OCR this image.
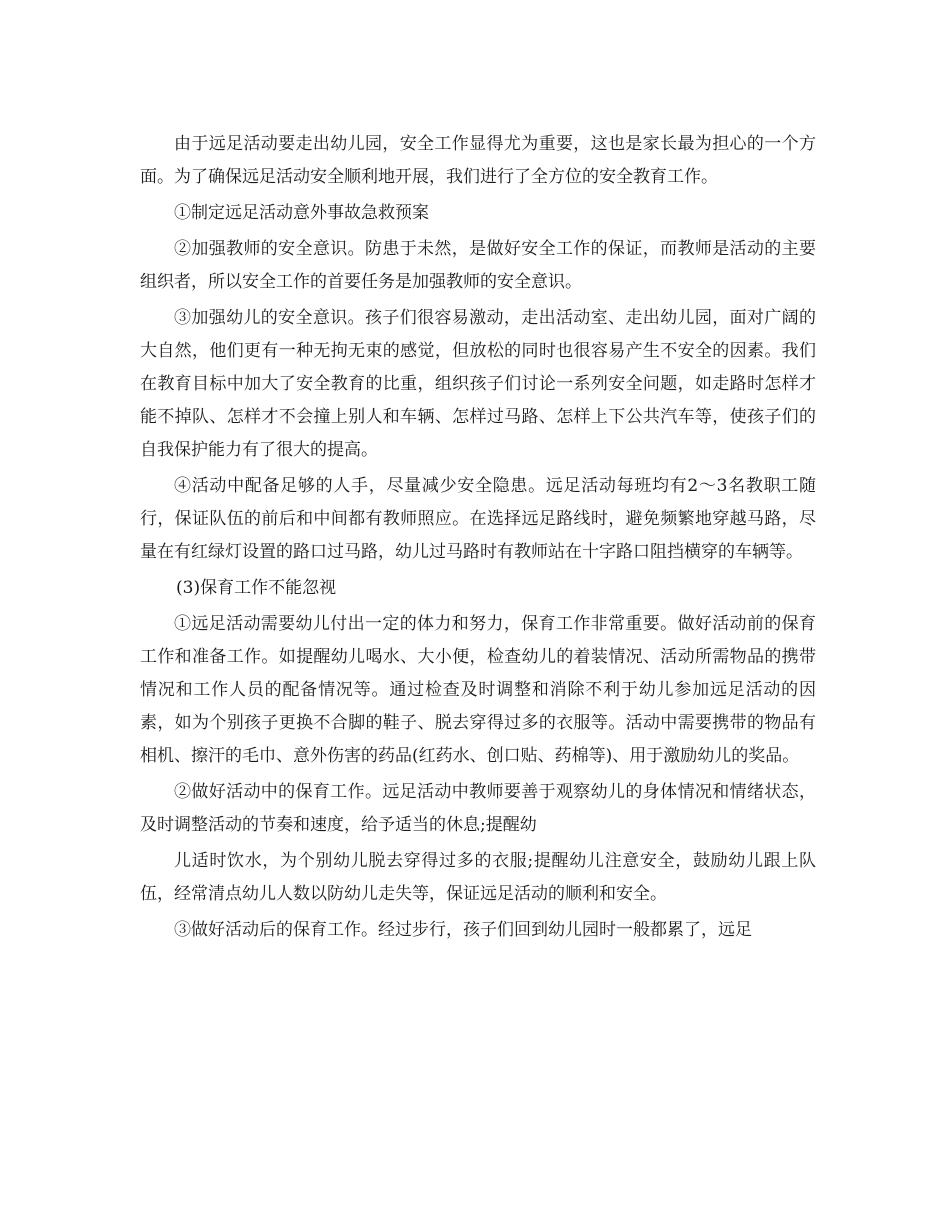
由于远足活动要走出幼儿园，安全工作显得尤为重要，这也是家长最为担心的一个方面。为了确保远足活动安全顺利地开展，我们进行了全方位的安全教育工作。

①制定远足活动意外事故急救预案

②加强教师的安全意识。防患于未然，是做好安全工作的保证，而教师是活动的主要组织者，所以安全工作的首要任务是加强教师的安全意识。

③加强幼儿的安全意识。孩子们很容易激动，走出活动室、走出幼儿园，面对广阔的大自然，他们更有一种无拘无束的感觉，但放松的同时也很容易产生不安全的因素。我们在教育目标中加大了安全教育的比重，组织孩子们讨论一系列安全问题，如走路时怎样才能不掉队、怎样才不会撞上别人和车辆、怎样过马路、怎样上下公共汽车等，使孩子们的自我保护能力有了很大的提高。

④活动中配备足够的人手，尽量减少安全隐患。远足活动每班均有2～3名教职工随行，保证队伍的前后和中间都有教师照应。在选择远足路线时，避免频繁地穿越马路，尽量在有红绿灯设置的路口过马路，幼儿过马路时有教师站在十字路口阻挡横穿的车辆等。

(3)保育工作不能忽视

①远足活动需要幼儿付出一定的体力和努力，保育工作非常重要。做好活动前的保育工作和准备工作。如提醒幼儿喝水、大小便，检查幼儿的着装情况、活动所需物品的携带情况和工作人员的配备情况等。通过检查及时调整和消除不利于幼儿参加远足活动的因素，如为个别孩子更换不合脚的鞋子、脱去穿得过多的衣服等。活动中需要携带的物品有相机、擦汗的毛巾、意外伤害的药品(红药水、创口贴、药棉等)、用于激励幼儿的奖品。

②做好活动中的保育工作。远足活动中教师要善于观察幼儿的身体情况和情绪状态，及时调整活动的节奏和速度，给予适当的休息;提醒幼

儿适时饮水，为个别幼儿脱去穿得过多的衣服;提醒幼儿注意安全，鼓励幼儿跟上队伍，经常清点幼儿人数以防幼儿走失等，保证远足活动的顺利和安全。

③做好活动后的保育工作。经过步行，孩子们回到幼儿园时一般都累了，远足
